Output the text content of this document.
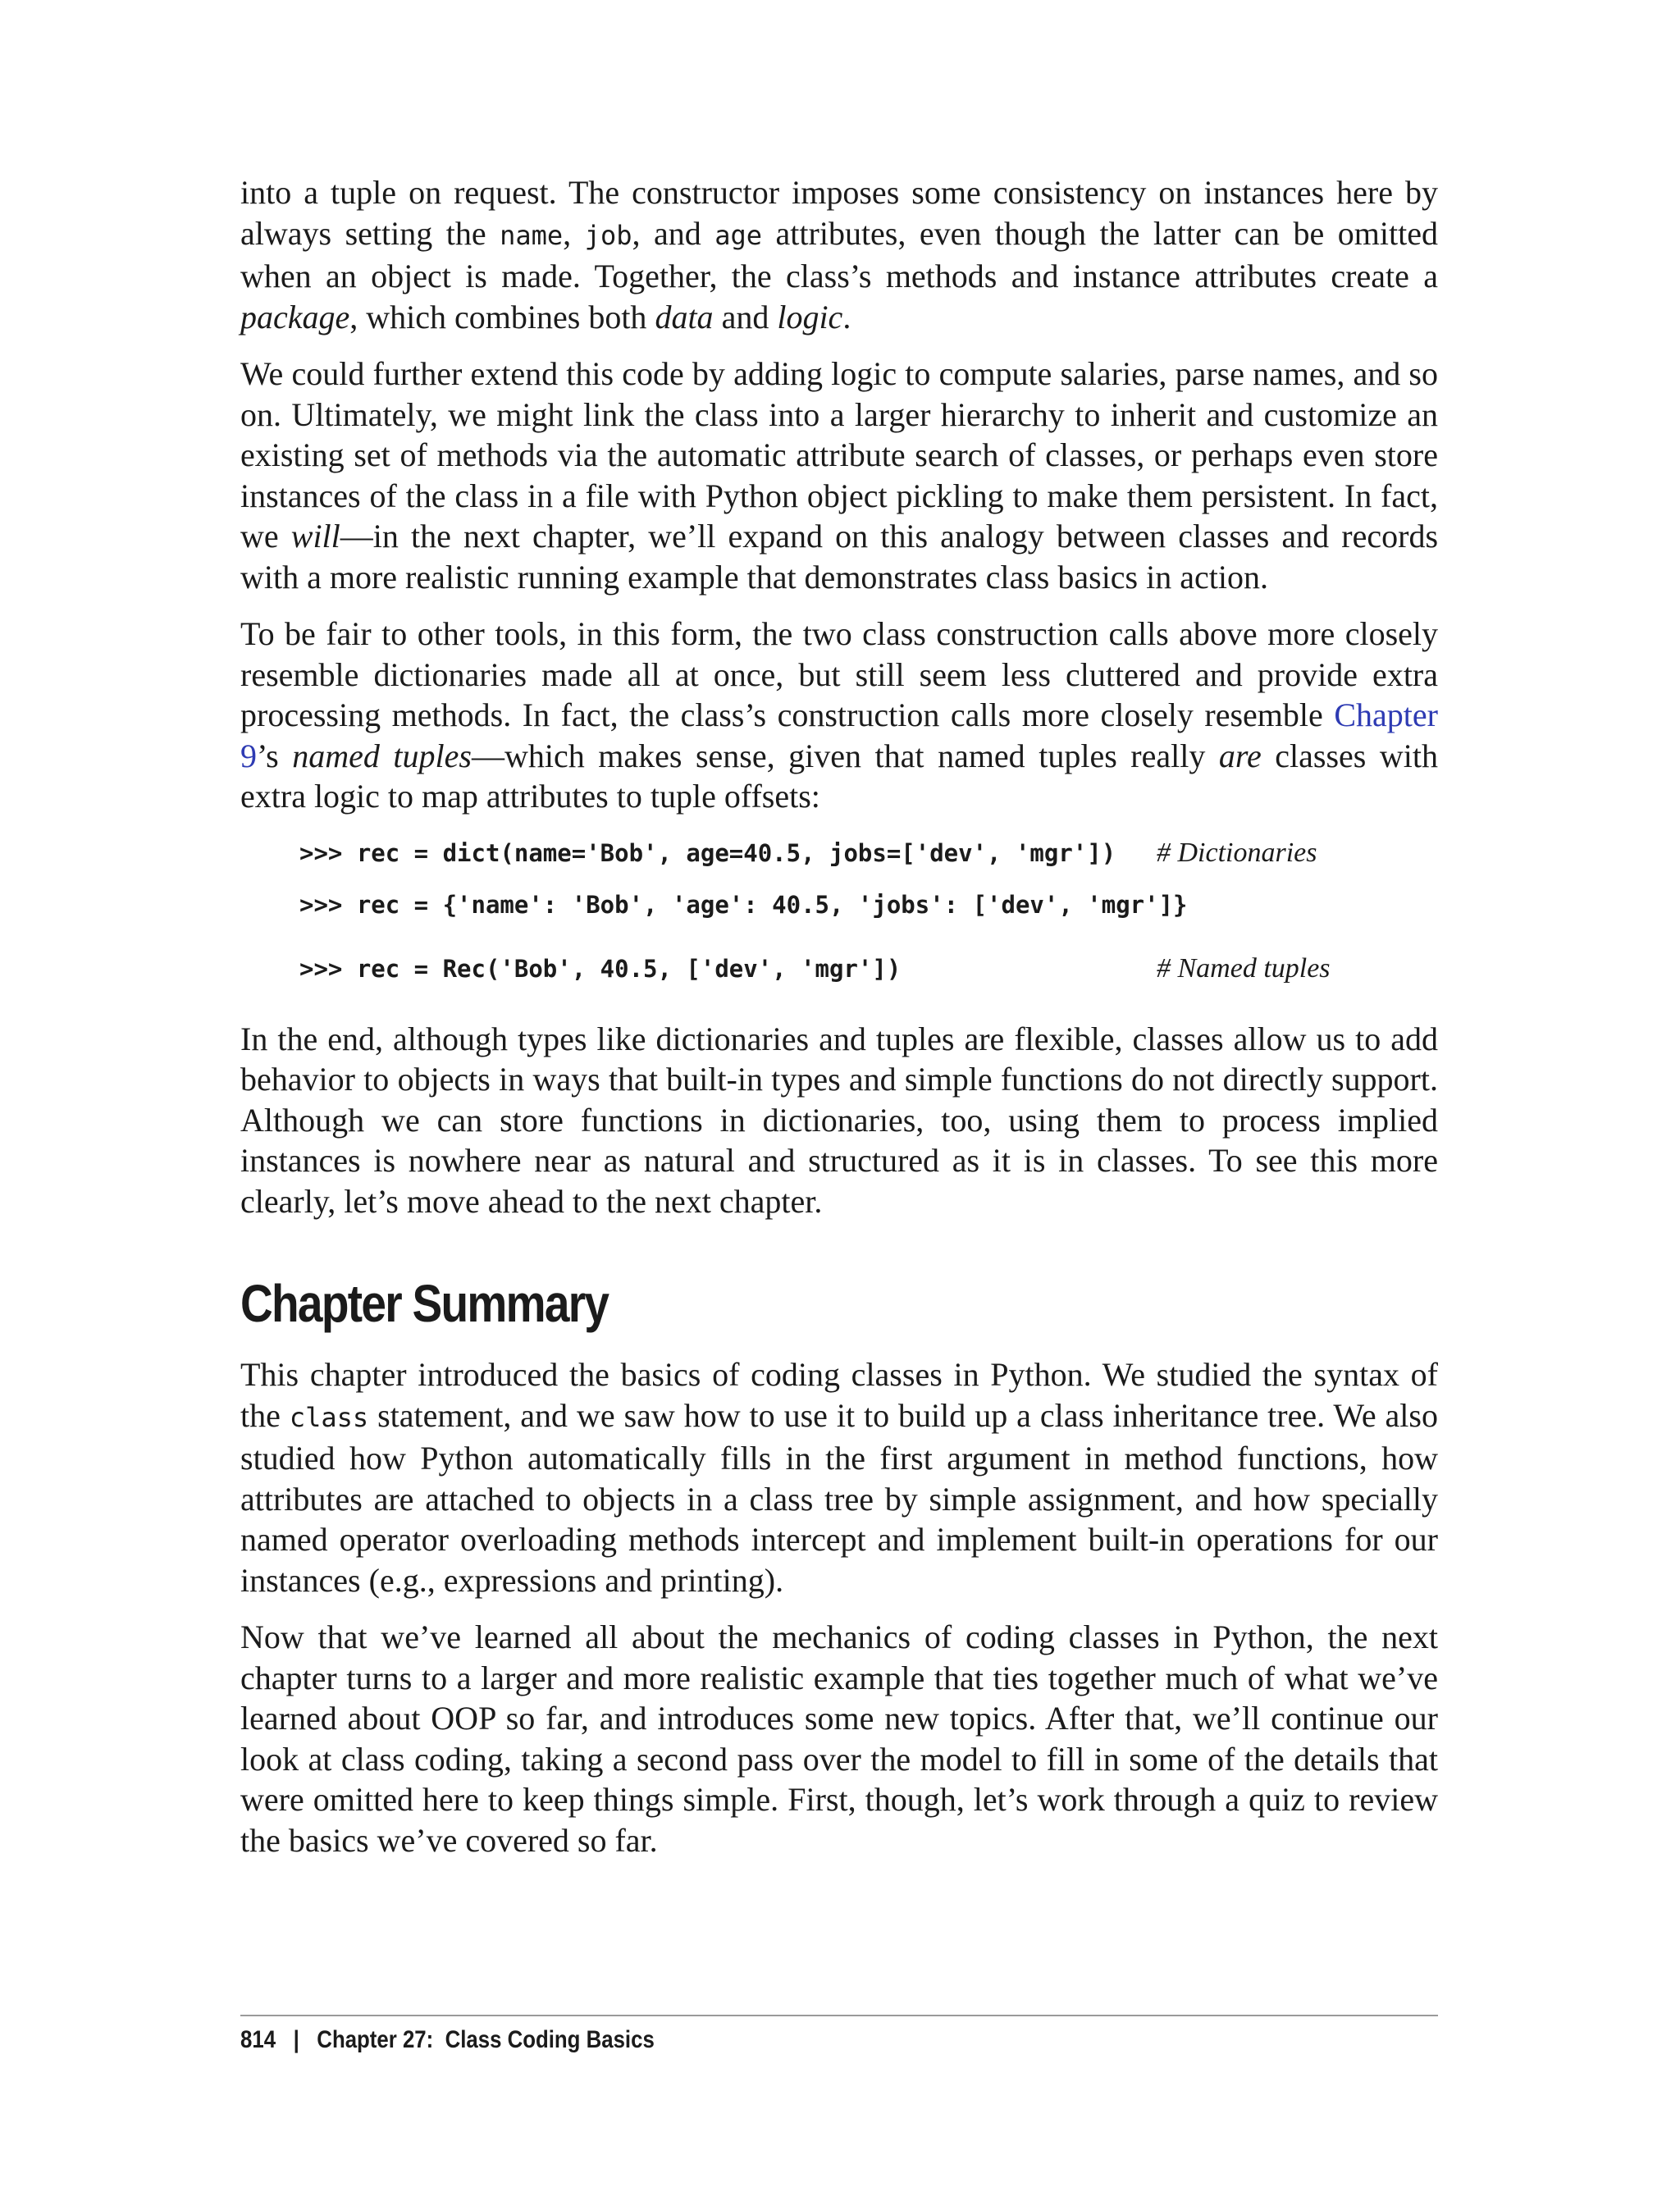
into a tuple on request. The constructor imposes some consistency on instances here by always setting the name, job, and age attributes, even though the latter can be omitted when an object is made. Together, the class’s methods and instance attributes create a package, which combines both data and logic.

We could further extend this code by adding logic to compute salaries, parse names, and so on. Ultimately, we might link the class into a larger hierarchy to inherit and customize an existing set of methods via the automatic attribute search of classes, or perhaps even store instances of the class in a file with Python object pickling to make them persistent. In fact, we will—in the next chapter, we’ll expand on this analogy between classes and records with a more realistic running example that demonstrates class basics in action.

To be fair to other tools, in this form, the two class construction calls above more closely resemble dictionaries made all at once, but still seem less cluttered and provide extra processing methods. In fact, the class’s construction calls more closely resemble Chapter 9’s named tuples—which makes sense, given that named tuples really are classes with extra logic to map attributes to tuple offsets:

>>> rec = dict(name='Bob', age=40.5, jobs=['dev', 'mgr'])	# Dictionaries
>>> rec = {'name': 'Bob', 'age': 40.5, 'jobs': ['dev', 'mgr']}
>>> rec = Rec('Bob', 40.5, ['dev', 'mgr'])	# Named tuples

In the end, although types like dictionaries and tuples are flexible, classes allow us to add behavior to objects in ways that built-in types and simple functions do not directly support. Although we can store functions in dictionaries, too, using them to process implied instances is nowhere near as natural and structured as it is in classes. To see this more clearly, let’s move ahead to the next chapter.

Chapter Summary

This chapter introduced the basics of coding classes in Python. We studied the syntax of the class statement, and we saw how to use it to build up a class inheritance tree. We also studied how Python automatically fills in the first argument in method functions, how attributes are attached to objects in a class tree by simple assignment, and how specially named operator overloading methods intercept and implement built-in operations for our instances (e.g., expressions and printing).

Now that we’ve learned all about the mechanics of coding classes in Python, the next chapter turns to a larger and more realistic example that ties together much of what we’ve learned about OOP so far, and introduces some new topics. After that, we’ll continue our look at class coding, taking a second pass over the model to fill in some of the details that were omitted here to keep things simple. First, though, let’s work through a quiz to review the basics we’ve covered so far.

814 | Chapter 27:  Class Coding Basics
